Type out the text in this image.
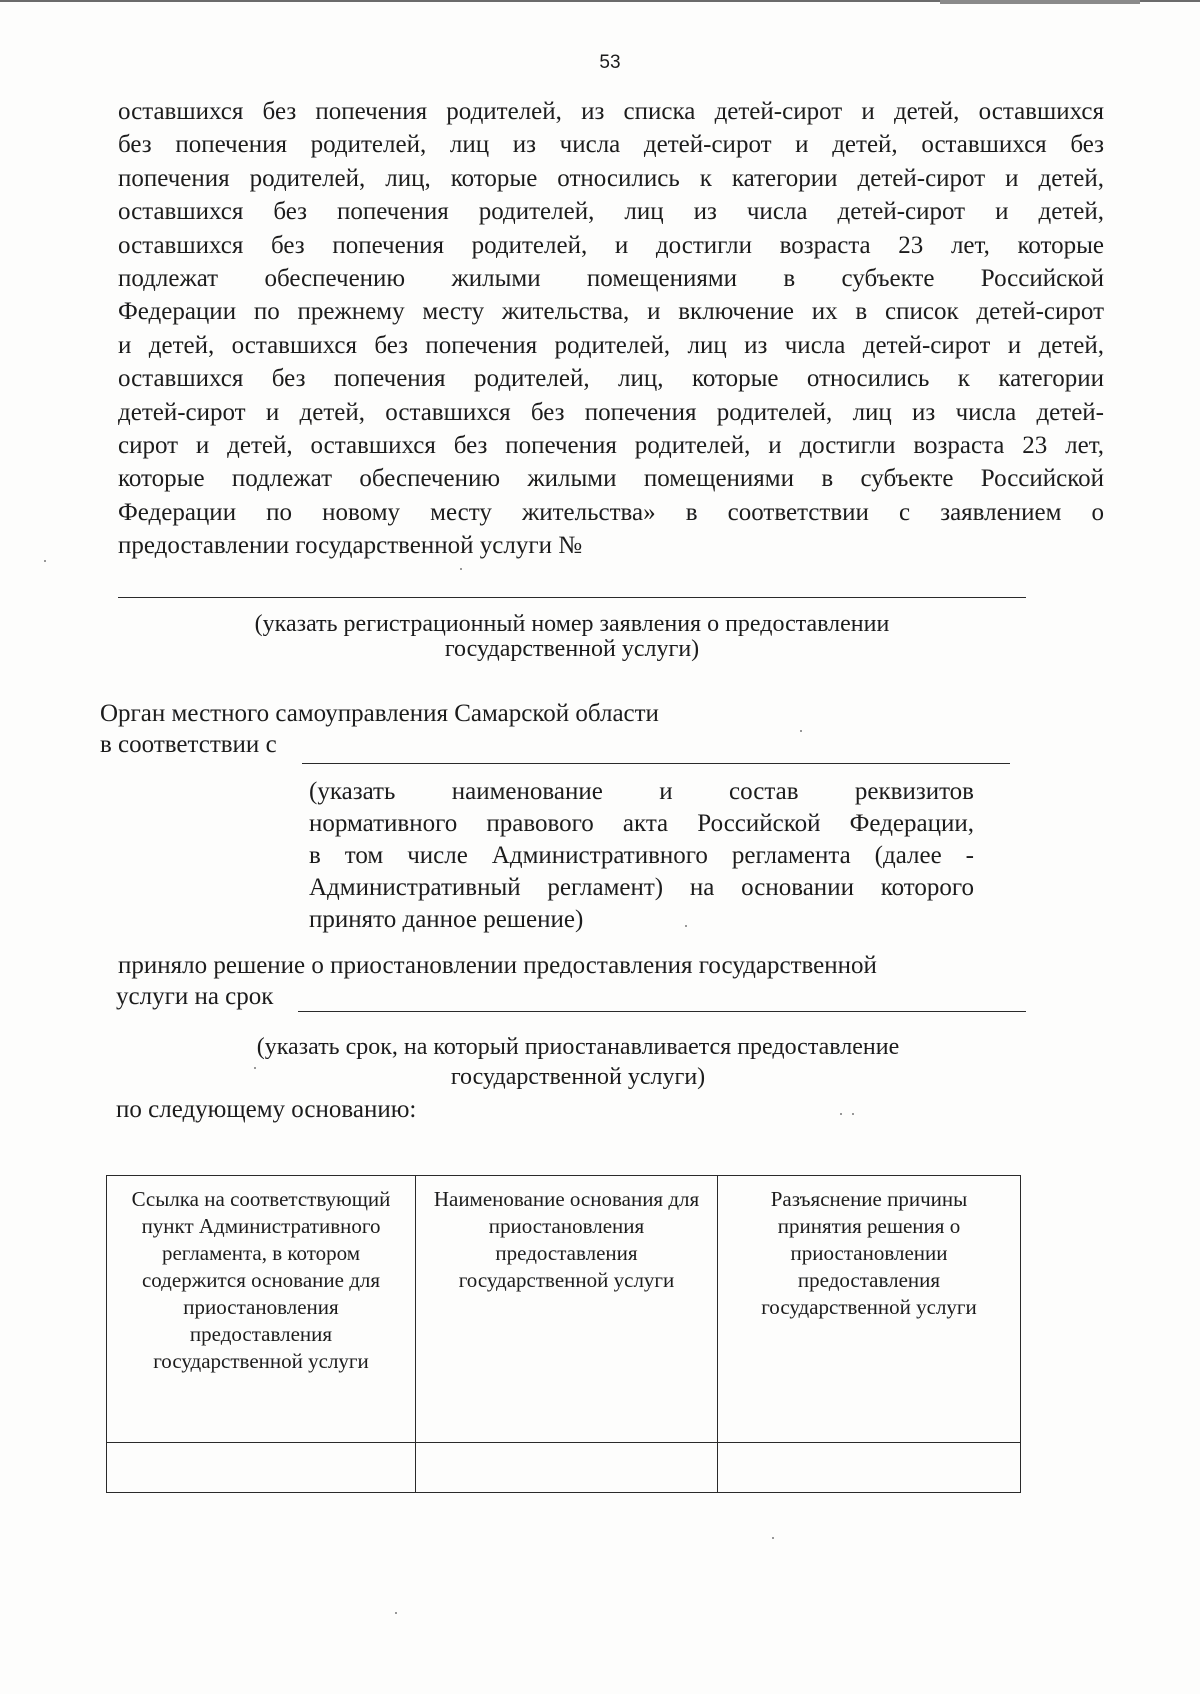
53
оставшихся без попечения родителей, из списка детей-сирот и детей, оставшихся
без попечения родителей, лиц из числа детей-сирот и детей, оставшихся без
попечения родителей, лиц, которые относились к категории детей-сирот и детей,
оставшихся без попечения родителей, лиц из числа детей-сирот и детей,
оставшихся без попечения родителей, и достигли возраста 23 лет, которые
подлежат обеспечению жилыми помещениями в субъекте Российской
Федерации по прежнему месту жительства, и включение их в список детей-сирот
и детей, оставшихся без попечения родителей, лиц из числа детей-сирот и детей,
оставшихся без попечения родителей, лиц, которые относились к категории
детей-сирот и детей, оставшихся без попечения родителей, лиц из числа детей-
сирот и детей, оставшихся без попечения родителей, и достигли возраста 23 лет,
которые подлежат обеспечению жилыми помещениями в субъекте Российской
Федерации по новому месту жительства» в соответствии с заявлением о
предоставлении государственной услуги №
(указать регистрационный номер заявления о предоставлении
государственной услуги)
Орган местного самоуправления Самарской области
в соответствии с
(указать наименование и состав реквизитов
нормативного правового акта Российской Федерации,
в том числе Административного регламента (далее -
Административный регламент) на основании которого
принято данное решение)
приняло решение о приостановлении предоставления государственной
услуги на срок
(указать срок, на который приостанавливается предоставление
государственной услуги)
по следующему основанию:
Ссылка на соответствующий пункт Административного регламента, в котором содержится основание для приостановления предоставления государственной услуги	Наименование основания для приостановления предоставления государственной услуги	Разъяснение причины принятия решения о приостановлении предоставления государственной услуги
